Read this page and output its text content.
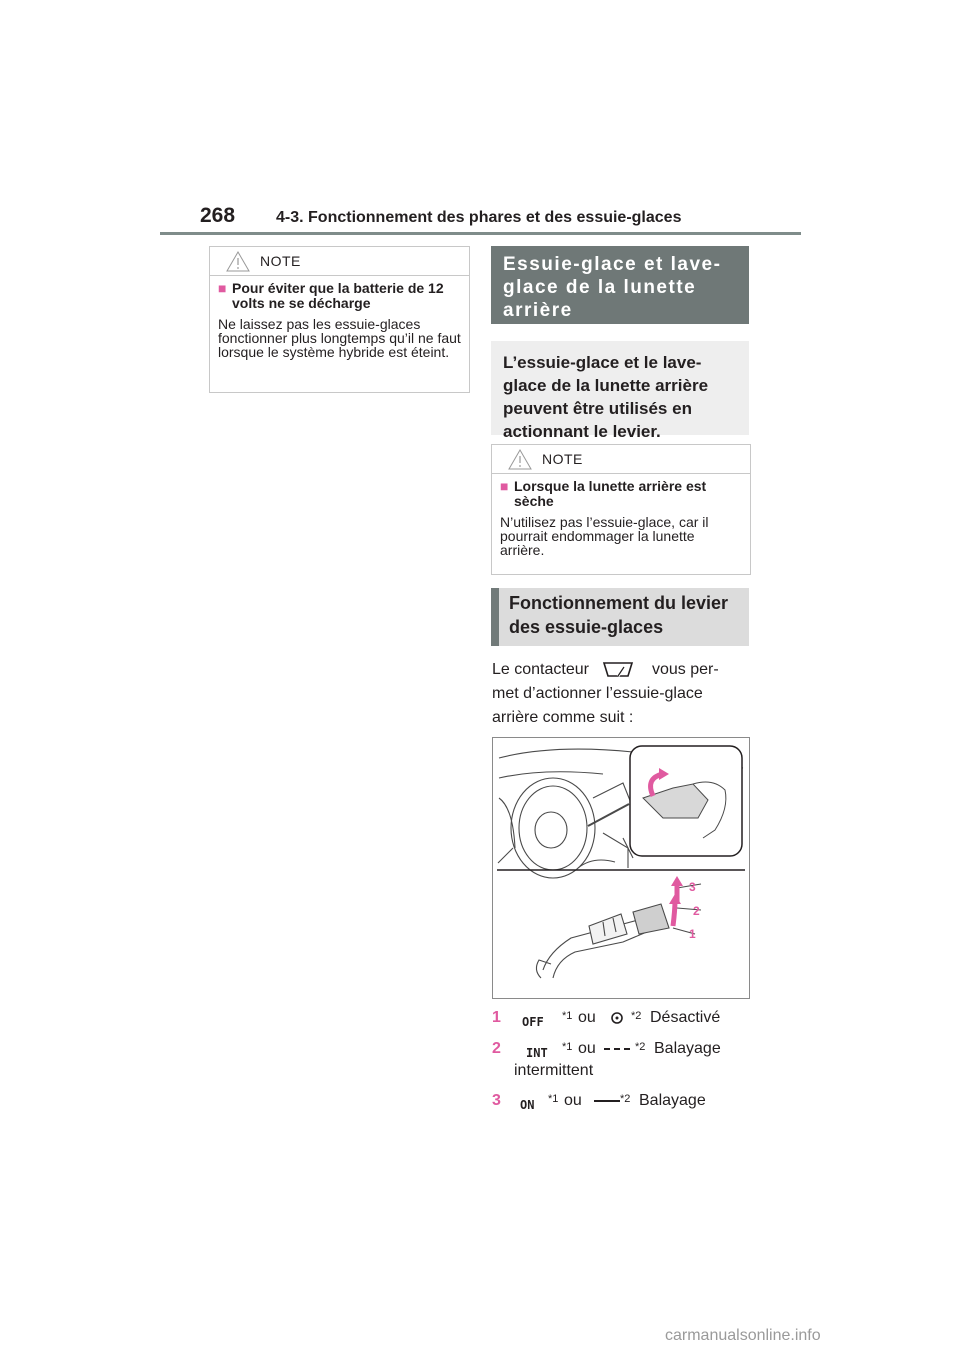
268	4-3. Fonctionnement des phares et des essuie-glaces
NOTE
■ Pour éviter que la batterie de 12 volts ne se décharge
Ne laissez pas les essuie-glaces fonctionner plus longtemps qu’il ne faut lorsque le système hybride est éteint.
Essuie-glace et lave-glace de la lunette arrière
L’essuie-glace et le lave-glace de la lunette arrière peuvent être utilisés en actionnant le levier.
NOTE
■ Lorsque la lunette arrière est sèche
N’utilisez pas l’essuie-glace, car il pourrait endommager la lunette arrière.
Fonctionnement du levier des essuie-glaces
Le contacteur	vous per-
met d’actionner l’essuie-glace
arrière comme suit :
3
2
1
1 OFF *1 ou	*2 Désactivé
2 INT *1 ou	*2 Balayage
intermittent
3 ON *1 ou	*2 Balayage
carmanualsonline.info
